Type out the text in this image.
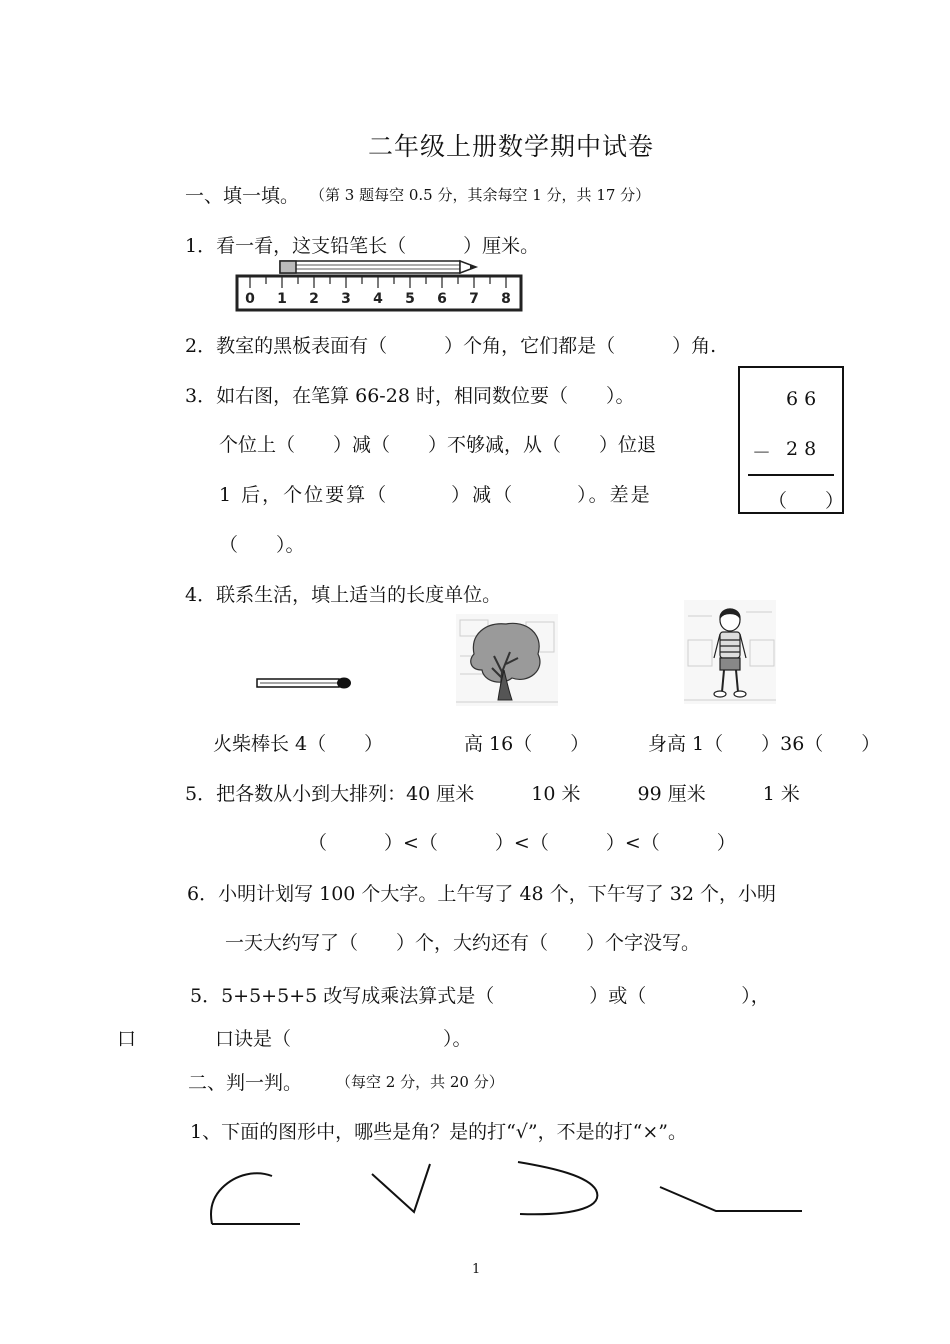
二年级上册数学期中试卷
一、填一填。 （第 3 题每空 0.5 分，其余每空 1 分，共 17 分）
1．看一看，这支铅笔长（　　　）厘米。
0 1 2 3 4 5 6 7 8
2．教室的黑板表面有（　　　）个角，它们都是（　　　）角.
3．如右图，在笔算 66-28 时，相同数位要（　　）。
个位上（　　）减（　　）不够减，从（　　）位退
1 后，个位要算（　　　）减（　　　）。差是
（　　）。
6 6
－ 2 8
（　　）
4．联系生活，填上适当的长度单位。
火柴棒长 4（　　）	高 16（　　）	身高 1（　　）36（　　）
5．把各数从小到大排列：40 厘米　　　10 米　　　99 厘米　　　1 米
（　　　）<（　　　）<（　　　）<（　　　）
6．小明计划写 100 个大字。上午写了 48 个，下午写了 32 个，小明
一天大约写了（　　）个，大约还有（　　）个字没写。
5．5+5+5+5 改写成乘法算式是（　　　　　）或（　　　　　），
口	口诀是（　　　　　　　　）。
二、判一判。 （每空 2 分，共 20 分）
1、下面的图形中，哪些是角？是的打“√”，不是的打“×”。
1
